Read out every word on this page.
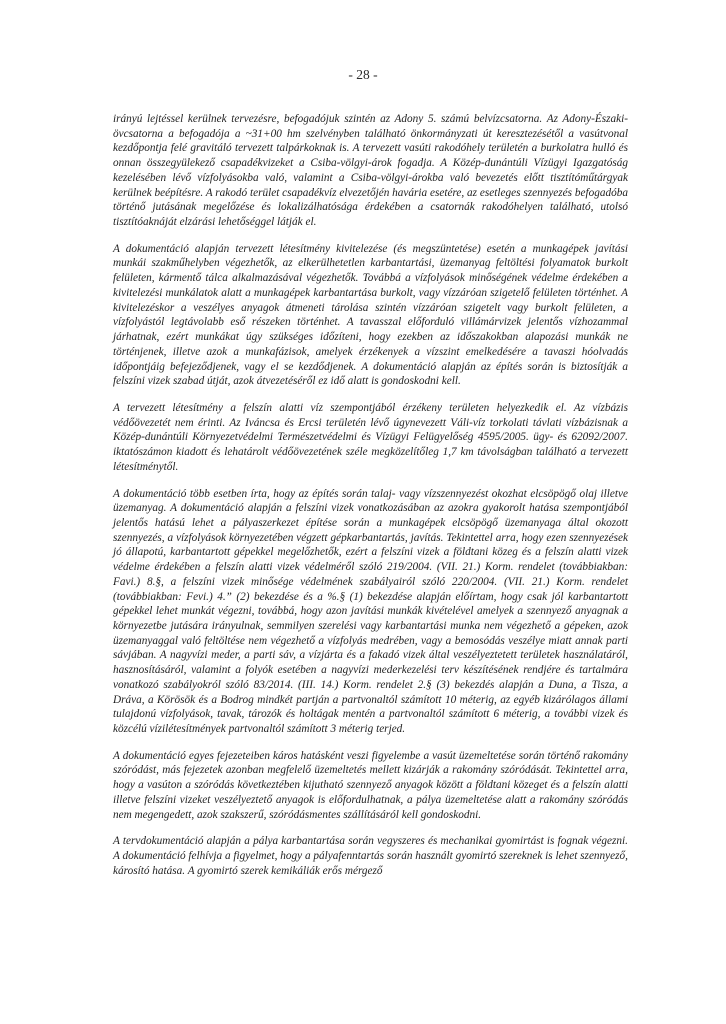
- 28 -

irányú lejtéssel kerülnek tervezésre, befogadójuk szintén az Adony 5. számú belvízcsatorna. Az Adony-Északi-övcsatorna a befogadója a ~31+00 hm szelvényben található önkormányzati út keresztezésétől a vasútvonal kezdőpontja felé gravitáló tervezett talpárkoknak is. A tervezett vasúti rakodóhely területén a burkolatra hulló és onnan összegyülekező csapadékvizeket a Csiba-völgyi-árok fogadja. A Közép-dunántúli Vízügyi Igazgatóság kezelésében lévő vízfolyásokba való, valamint a Csiba-völgyi-árokba való bevezetés előtt tisztítóműtárgyak kerülnek beépítésre. A rakodó terület csapadékvíz elvezetőjén havária esetére, az esetleges szennyezés befogadóba történő jutásának megelőzése és lokalizálhatósága érdekében a csatornák rakodóhelyen található, utolsó tisztítóaknáját elzárási lehetőséggel látják el.

A dokumentáció alapján tervezett létesítmény kivitelezése (és megszüntetése) esetén a munkagépek javítási munkái szakműhelyben végezhetők, az elkerülhetetlen karbantartási, üzemanyag feltöltési folyamatok burkolt felületen, kármentő tálca alkalmazásával végezhetők. Továbbá a vízfolyások minőségének védelme érdekében a kivitelezési munkálatok alatt a munkagépek karbantartása burkolt, vagy vízzáróan szigetelő felületen történhet. A kivitelezéskor a veszélyes anyagok átmeneti tárolása szintén vízzáróan szigetelt vagy burkolt felületen, a vízfolyástól legtávolabb eső részeken történhet. A tavasszal előforduló villámárvizek jelentős vízhozammal járhatnak, ezért munkákat úgy szükséges időzíteni, hogy ezekben az időszakokban alapozási munkák ne történjenek, illetve azok a munkafázisok, amelyek érzékenyek a vízszint emelkedésére a tavaszi hóolvadás időpontjáig befejeződjenek, vagy el se kezdődjenek. A dokumentáció alapján az építés során is biztosítják a felszíni vizek szabad útját, azok átvezetéséről ez idő alatt is gondoskodni kell.

A tervezett létesítmény a felszín alatti víz szempontjából érzékeny területen helyezkedik el. Az vízbázis védőövezetét nem érinti. Az Iváncsa és Ercsi területén lévő úgynevezett Váli-víz torkolati távlati vízbázisnak a Közép-dunántúli Környezetvédelmi Természetvédelmi és Vízügyi Felügyelőség 4595/2005. ügy- és 62092/2007. iktatószámon kiadott és lehatárolt védőövezetének széle megközelítőleg 1,7 km távolságban található a tervezett létesítménytől.

A dokumentáció több esetben írta, hogy az építés során talaj- vagy vízszennyezést okozhat elcsöpögő olaj illetve üzemanyag. A dokumentáció alapján a felszíni vizek vonatkozásában az azokra gyakorolt hatása szempontjából jelentős hatású lehet a pályaszerkezet építése során a munkagépek elcsöpögő üzemanyaga által okozott szennyezés, a vízfolyások környezetében végzett gépkarbantartás, javítás. Tekintettel arra, hogy ezen szennyezések jó állapotú, karbantartott gépekkel megelőzhetők, ezért a felszíni vizek a földtani közeg és a felszín alatti vizek védelme érdekében a felszín alatti vizek védelméről szóló 219/2004. (VII. 21.) Korm. rendelet (továbbiakban: Favi.) 8.§, a felszíni vizek minősége védelmének szabályairól szóló 220/2004. (VII. 21.) Korm. rendelet (továbbiakban: Fevi.) 4.” (2) bekezdése és a %.§ (1) bekezdése alapján előírtam, hogy csak jól karbantartott gépekkel lehet munkát végezni, továbbá, hogy azon javítási munkák kivételével amelyek a szennyező anyagnak a környezetbe jutására irányulnak, semmilyen szerelési vagy karbantartási munka nem végezhető a gépeken, azok üzemanyaggal való feltöltése nem végezhető a vízfolyás medrében, vagy a bemosódás veszélye miatt annak parti sávjában. A nagyvízi meder, a parti sáv, a vízjárta és a fakadó vizek által veszélyeztetett területek használatáról, hasznosításáról, valamint a folyók esetében a nagyvízi mederkezelési terv készítésének rendjére és tartalmára vonatkozó szabályokról szóló 83/2014. (III. 14.) Korm. rendelet 2.§ (3) bekezdés alapján a Duna, a Tisza, a Dráva, a Körösök és a Bodrog mindkét partján a partvonaltól számított 10 méterig, az egyéb kizárólagos állami tulajdonú vízfolyások, tavak, tározók és holtágak mentén a partvonaltól számított 6 méterig, a további vizek és közcélú vízilétesítmények partvonaltól számított 3 méterig terjed.

A dokumentáció egyes fejezeteiben káros hatásként veszi figyelembe a vasút üzemeltetése során történő rakomány szóródást, más fejezetek azonban megfelelő üzemeltetés mellett kizárják a rakomány szóródását. Tekintettel arra, hogy a vasúton a szóródás következtében kijutható szennyező anyagok között a földtani közeget és a felszín alatti illetve felszíni vizeket veszélyeztető anyagok is előfordulhatnak, a pálya üzemeltetése alatt a rakomány szóródás nem megengedett, azok szakszerű, szóródásmentes szállításáról kell gondoskodni.

A tervdokumentáció alapján a pálya karbantartása során vegyszeres és mechanikai gyomirtást is fognak végezni. A dokumentáció felhívja a figyelmet, hogy a pályafenntartás során használt gyomirtó szereknek is lehet szennyező, károsító hatása. A gyomirtó szerek kemikáliák erős mérgező
